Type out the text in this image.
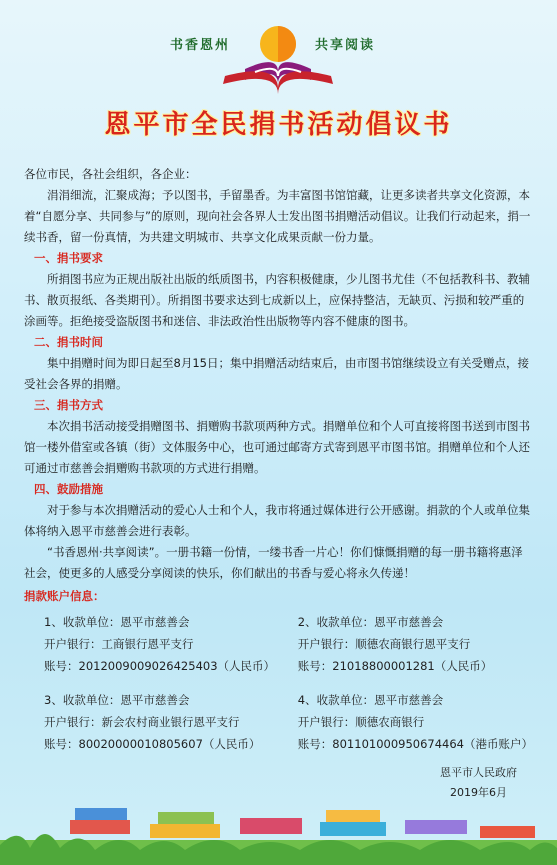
书香恩州	共享阅读
恩平市全民捐书活动倡议书

各位市民，各社会组织，各企业：

涓涓细流，汇聚成海；予以图书，手留墨香。为丰富图书馆馆藏，让更多读者共享文化资源，本着“自愿分享、共同参与”的原则，现向社会各界人士发出图书捐赠活动倡议。让我们行动起来，捐一续书香，留一份真情，为共建文明城市、共享文化成果贡献一份力量。

一、捐书要求

所捐图书应为正规出版社出版的纸质图书，内容积极健康，少儿图书尤佳（不包括教科书、教辅书、散页报纸、各类期刊）。所捐图书要求达到七成新以上，应保持整洁，无缺页、污损和较严重的涂画等。拒绝接受盗版图书和迷信、非法政治性出版物等内容不健康的图书。

二、捐书时间

集中捐赠时间为即日起至8月15日；集中捐赠活动结束后，由市图书馆继续设立有关受赠点，接受社会各界的捐赠。

三、捐书方式

本次捐书活动接受捐赠图书、捐赠购书款项两种方式。捐赠单位和个人可直接将图书送到市图书馆一楼外借室或各镇（街）文体服务中心，也可通过邮寄方式寄到恩平市图书馆。捐赠单位和个人还可通过市慈善会捐赠购书款项的方式进行捐赠。

四、鼓励措施

对于参与本次捐赠活动的爱心人士和个人，我市将通过媒体进行公开感谢。捐款的个人或单位集体将纳入恩平市慈善会进行表彰。

“书香恩州·共享阅读”。一册书籍一份情，一缕书香一片心！你们慷慨捐赠的每一册书籍将惠泽社会，使更多的人感受分享阅读的快乐，你们献出的书香与爱心将永久传递！

捐款账户信息：
1、收款单位：恩平市慈善会
开户银行：工商银行恩平支行
账号：2012009009026425403（人民币）
2、收款单位：恩平市慈善会
开户银行：顺德农商银行恩平支行
账号：21018800001281（人民币）
3、收款单位：恩平市慈善会
开户银行：新会农村商业银行恩平支行
账号：80020000010805607（人民币）
4、收款单位：恩平市慈善会
开户银行：顺德农商银行
账号：801101000950674464（港币账户）
恩平市人民政府
2019年6月
